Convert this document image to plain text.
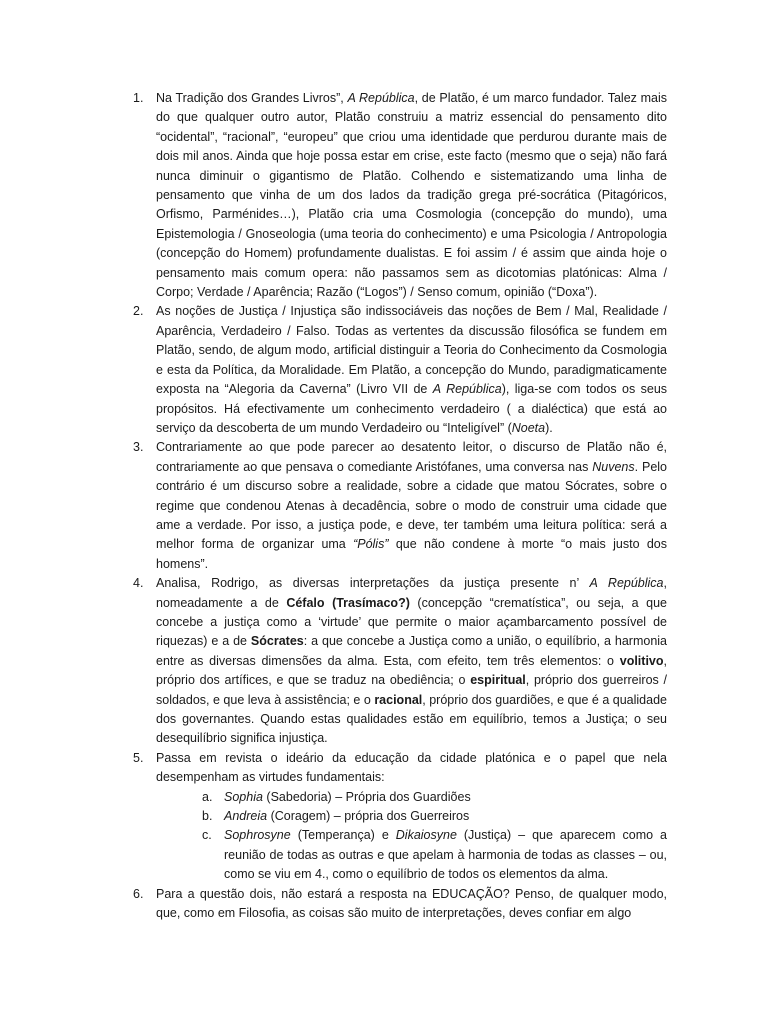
1. Na Tradição dos Grandes Livros”, A República, de Platão, é um marco fundador. Talez mais do que qualquer outro autor, Platão construiu a matriz essencial do pensamento dito “ocidental”, “racional”, “europeu” que criou uma identidade que perdurou durante mais de dois mil anos. Ainda que hoje possa estar em crise, este facto (mesmo que o seja) não fará nunca diminuir o gigantismo de Platão. Colhendo e sistematizando uma linha de pensamento que vinha de um dos lados da tradição grega pré-socrática (Pitagóricos, Orfismo, Parménides…), Platão cria uma Cosmologia (concepção do mundo), uma Epistemologia / Gnoseologia (uma teoria do conhecimento) e uma Psicologia / Antropologia (concepção do Homem) profundamente dualistas. E foi assim / é assim que ainda hoje o pensamento mais comum opera: não passamos sem as dicotomias platónicas: Alma / Corpo; Verdade / Aparência; Razão (“Logos”) / Senso comum, opinião (“Doxa”).
2. As noções de Justiça / Injustiça são indissociáveis das noções de Bem / Mal, Realidade / Aparência, Verdadeiro / Falso. Todas as vertentes da discussão filosófica se fundem em Platão, sendo, de algum modo, artificial distinguir a Teoria do Conhecimento da Cosmologia e esta da Política, da Moralidade. Em Platão, a concepção do Mundo, paradigmaticamente exposta na “Alegoria da Caverna” (Livro VII de A República), liga-se com todos os seus propósitos. Há efectivamente um conhecimento verdadeiro ( a dialéctica) que está ao serviço da descoberta de um mundo Verdadeiro ou “Inteligível” (Noeta).
3. Contrariamente ao que pode parecer ao desatento leitor, o discurso de Platão não é, contrariamente ao que pensava o comediante Aristófanes, uma conversa nas Nuvens. Pelo contrário é um discurso sobre a realidade, sobre a cidade que matou Sócrates, sobre o regime que condenou Atenas à decadência, sobre o modo de construir uma cidade que ame a verdade. Por isso, a justiça pode, e deve, ter também uma leitura política: será a melhor forma de organizar uma “Pólis” que não condene à morte “o mais justo dos homens”.
4. Analisa, Rodrigo, as diversas interpretações da justiça presente n’ A República, nomeadamente a de Céfalo (Trasímaco?) (concepção “crematística”, ou seja, a que concebe a justiça como a ‘virtude’ que permite o maior açambarcamento possível de riquezas) e a de Sócrates: a que concebe a Justiça como a união, o equilíbrio, a harmonia entre as diversas dimensões da alma. Esta, com efeito, tem três elementos: o volitivo, próprio dos artífices, e que se traduz na obediência; o espiritual, próprio dos guerreiros / soldados, e que leva à assistência; e o racional, próprio dos guardiões, e que é a qualidade dos governantes. Quando estas qualidades estão em equilíbrio, temos a Justiça; o seu desequilíbrio significa injustiça.
5. Passa em revista o ideário da educação da cidade platónica e o papel que nela desempenham as virtudes fundamentais:
a. Sophia (Sabedoria) – Própria dos Guardiões
b. Andreia (Coragem) – própria dos Guerreiros
c. Sophrosyne (Temperança) e Dikaiosyne (Justiça) – que aparecem como a reunião de todas as outras e que apelam à harmonia de todas as classes – ou, como se viu em 4., como o equilíbrio de todos os elementos da alma.
6. Para a questão dois, não estará a resposta na EDUCAÇÃO? Penso, de qualquer modo, que, como em Filosofia, as coisas são muito de interpretações, deves confiar em algo
